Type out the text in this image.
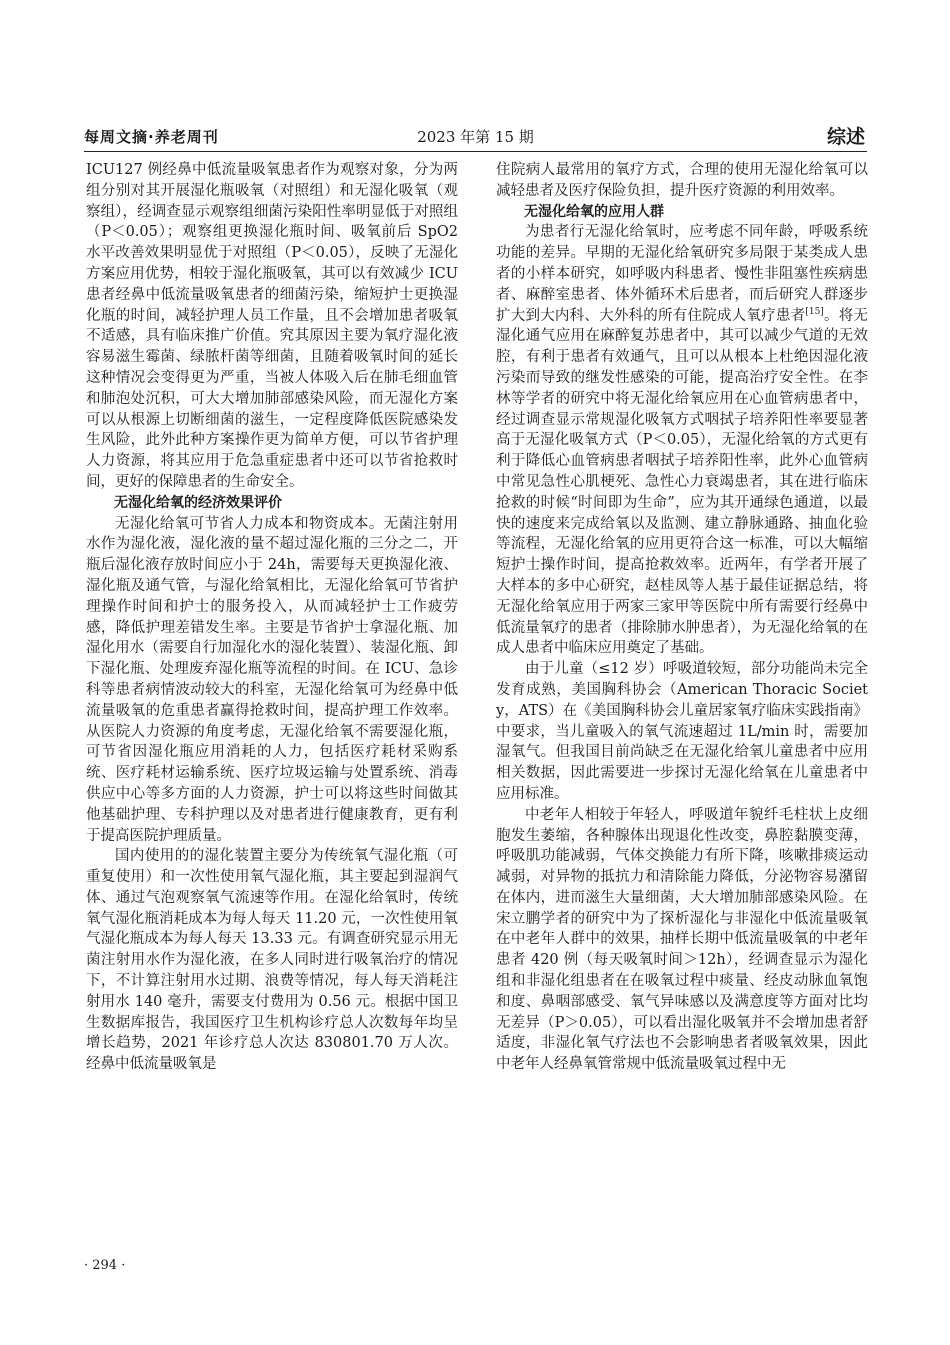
每周文摘·养老周刊	2023 年第 15 期	综述

ICU127 例经鼻中低流量吸氧患者作为观察对象，分为两组分别对其开展湿化瓶吸氧（对照组）和无湿化吸氧（观察组），经调查显示观察组细菌污染阳性率明显低于对照组（P＜0.05）；观察组更换湿化瓶时间、吸氧前后 SpO2 水平改善效果明显优于对照组（P＜0.05），反映了无湿化方案应用优势，相较于湿化瓶吸氧，其可以有效减少 ICU 患者经鼻中低流量吸氧患者的细菌污染，缩短护士更换湿化瓶的时间，减轻护理人员工作量，且不会增加患者吸氧不适感，具有临床推广价值。究其原因主要为氧疗湿化液容易滋生霉菌、绿脓杆菌等细菌，且随着吸氧时间的延长这种情况会变得更为严重，当被人体吸入后在肺毛细血管和肺泡处沉积，可大大增加肺部感染风险，而无湿化方案可以从根源上切断细菌的滋生，一定程度降低医院感染发生风险，此外此种方案操作更为简单方便，可以节省护理人力资源，将其应用于危急重症患者中还可以节省抢救时间，更好的保障患者的生命安全。

无湿化给氧的经济效果评价

无湿化给氧可节省人力成本和物资成本。无菌注射用水作为湿化液，湿化液的量不超过湿化瓶的三分之二，开瓶后湿化液存放时间应小于 24h，需要每天更换湿化液、湿化瓶及通气管，与湿化给氧相比，无湿化给氧可节省护理操作时间和护士的服务投入，从而减轻护士工作疲劳感，降低护理差错发生率。主要是节省护士拿湿化瓶、加湿化用水（需要自行加湿化水的湿化装置）、装湿化瓶、卸下湿化瓶、处理废弃湿化瓶等流程的时间。在 ICU、急诊科等患者病情波动较大的科室，无湿化给氧可为经鼻中低流量吸氧的危重患者赢得抢救时间，提高护理工作效率。从医院人力资源的角度考虑，无湿化给氧不需要湿化瓶，可节省因湿化瓶应用消耗的人力，包括医疗耗材采购系统、医疗耗材运输系统、医疗垃圾运输与处置系统、消毒供应中心等多方面的人力资源，护士可以将这些时间做其他基础护理、专科护理以及对患者进行健康教育，更有利于提高医院护理质量。

国内使用的的湿化装置主要分为传统氧气湿化瓶（可重复使用）和一次性使用氧气湿化瓶，其主要起到湿润气体、通过气泡观察氧气流速等作用。在湿化给氧时，传统氧气湿化瓶消耗成本为每人每天 11.20 元，一次性使用氧气湿化瓶成本为每人每天 13.33 元。有调查研究显示用无菌注射用水作为湿化液，在多人同时进行吸氧治疗的情况下，不计算注射用水过期、浪费等情况，每人每天消耗注射用水 140 毫升，需要支付费用为 0.56 元。根据中国卫生数据库报告，我国医疗卫生机构诊疗总人次数每年均呈增长趋势，2021 年诊疗总人次达 830801.70 万人次。经鼻中低流量吸氧是

住院病人最常用的氧疗方式，合理的使用无湿化给氧可以减轻患者及医疗保险负担，提升医疗资源的利用效率。

无湿化给氧的应用人群

为患者行无湿化给氧时，应考虑不同年龄，呼吸系统功能的差异。早期的无湿化给氧研究多局限于某类成人患者的小样本研究，如呼吸内科患者、慢性非阻塞性疾病患者、麻醉室患者、体外循环术后患者，而后研究人群逐步扩大到大内科、大外科的所有住院成人氧疗患者[15]。将无湿化通气应用在麻醉复苏患者中，其可以减少气道的无效腔，有利于患者有效通气，且可以从根本上杜绝因湿化液污染而导致的继发性感染的可能，提高治疗安全性。在李林等学者的研究中将无湿化给氧应用在心血管病患者中，经过调查显示常规湿化吸氧方式咽拭子培养阳性率要显著高于无湿化吸氧方式（P＜0.05），无湿化给氧的方式更有利于降低心血管病患者咽拭子培养阳性率，此外心血管病中常见急性心肌梗死、急性心力衰竭患者，其在进行临床抢救的时候“时间即为生命”，应为其开通绿色通道，以最快的速度来完成给氧以及监测、建立静脉通路、抽血化验等流程，无湿化给氧的应用更符合这一标准，可以大幅缩短护士操作时间，提高抢救效率。近两年，有学者开展了大样本的多中心研究，赵桂凤等人基于最佳证据总结，将无湿化给氧应用于两家三家甲等医院中所有需要行经鼻中低流量氧疗的患者（排除肺水肿患者），为无湿化给氧的在成人患者中临床应用奠定了基础。

由于儿童（≤12 岁）呼吸道较短，部分功能尚未完全发育成熟，美国胸科协会（American Thoracic Society，ATS）在《美国胸科协会儿童居家氧疗临床实践指南》中要求，当儿童吸入的氧气流速超过 1L/min 时，需要加湿氧气。但我国目前尚缺乏在无湿化给氧儿童患者中应用相关数据，因此需要进一步探讨无湿化给氧在儿童患者中应用标准。

中老年人相较于年轻人，呼吸道年貌纤毛柱状上皮细胞发生萎缩，各种腺体出现退化性改变，鼻腔黏膜变薄，呼吸肌功能减弱，气体交换能力有所下降，咳嗽排痰运动减弱，对异物的抵抗力和清除能力降低，分泌物容易潴留在体内，进而滋生大量细菌，大大增加肺部感染风险。在宋立鹏学者的研究中为了探析湿化与非湿化中低流量吸氧在中老年人群中的效果，抽样长期中低流量吸氧的中老年患者 420 例（每天吸氧时间＞12h），经调查显示为湿化组和非湿化组患者在在吸氧过程中痰量、经皮动脉血氧饱和度、鼻咽部感受、氧气异味感以及满意度等方面对比均无差异（P＞0.05），可以看出湿化吸氧并不会增加患者舒适度，非湿化氧气疗法也不会影响患者者吸氧效果，因此中老年人经鼻氧管常规中低流量吸氧过程中无

· 294 ·
